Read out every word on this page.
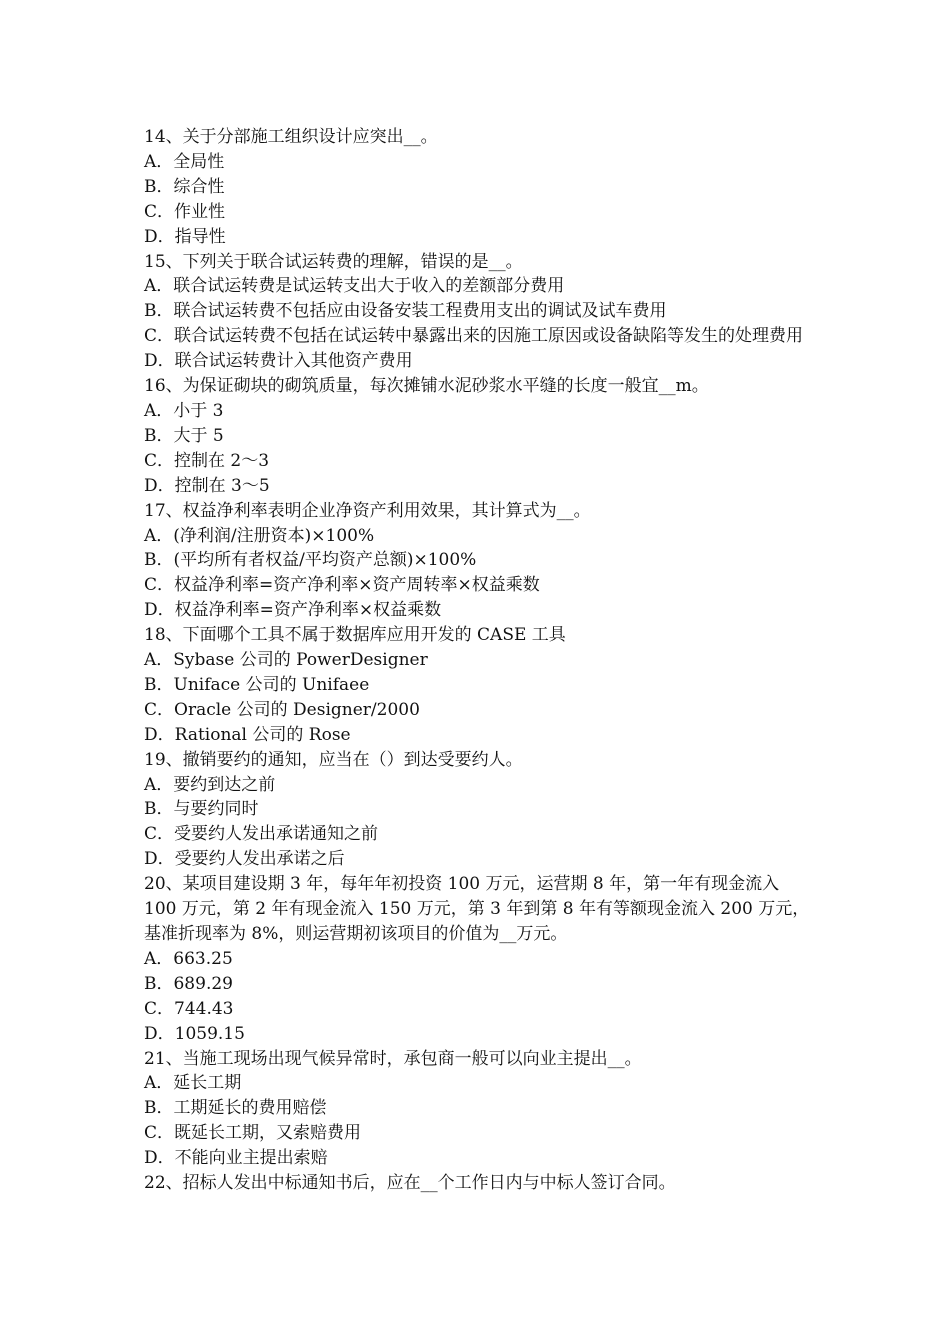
14、关于分部施工组织设计应突出__。

A．全局性

B．综合性

C．作业性

D．指导性

15、下列关于联合试运转费的理解，错误的是__。

A．联合试运转费是试运转支出大于收入的差额部分费用

B．联合试运转费不包括应由设备安装工程费用支出的调试及试车费用

C．联合试运转费不包括在试运转中暴露出来的因施工原因或设备缺陷等发生的处理费用

D．联合试运转费计入其他资产费用

16、为保证砌块的砌筑质量，每次摊铺水泥砂浆水平缝的长度一般宜__m。

A．小于 3

B．大于 5

C．控制在 2～3

D．控制在 3～5

17、权益净利率表明企业净资产利用效果，其计算式为__。

A．(净利润/注册资本)×100%

B．(平均所有者权益/平均资产总额)×100%

C．权益净利率=资产净利率×资产周转率×权益乘数

D．权益净利率=资产净利率×权益乘数

18、下面哪个工具不属于数据库应用开发的 CASE 工具

A．Sybase 公司的 PowerDesigner

B．Uniface 公司的 Unifaee

C．Oracle 公司的 Designer/2000

D．Rational 公司的 Rose

19、撤销要约的通知，应当在（）到达受要约人。

A．要约到达之前

B．与要约同时

C．受要约人发出承诺通知之前

D．受要约人发出承诺之后

20、某项目建设期 3 年，每年年初投资 100 万元，运营期 8 年，第一年有现金流入 100 万元，第 2 年有现金流入 150 万元，第 3 年到第 8 年有等额现金流入 200 万元，基准折现率为 8%，则运营期初该项目的价值为__万元。

A．663.25

B．689.29

C．744.43

D．1059.15

21、当施工现场出现气候异常时，承包商一般可以向业主提出__。

A．延长工期

B．工期延长的费用赔偿

C．既延长工期，又索赔费用

D．不能向业主提出索赔

22、招标人发出中标通知书后，应在__个工作日内与中标人签订合同。
